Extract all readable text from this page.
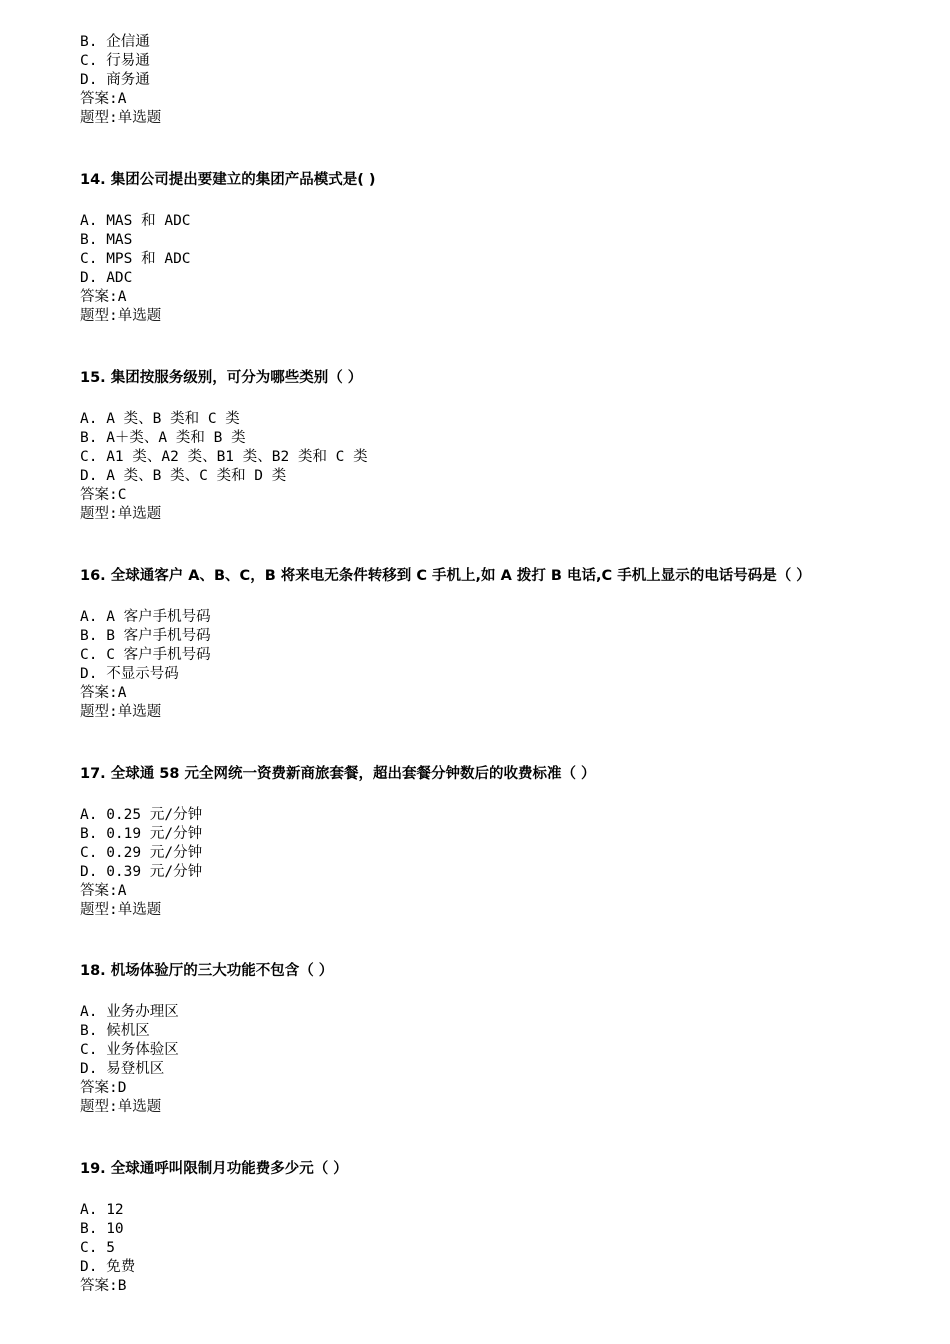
B. 企信通
C. 行易通
D. 商务通
答案:A
题型:单选题
14. 集团公司提出要建立的集团产品模式是( )
A. MAS 和 ADC
B. MAS
C. MPS 和 ADC
D. ADC
答案:A
题型:单选题
15. 集团按服务级别，可分为哪些类别（ ）
A. A 类、B 类和 C 类
B. A＋类、A 类和 B 类
C. A1 类、A2 类、B1 类、B2 类和 C 类
D. A 类、B 类、C 类和 D 类
答案:C
题型:单选题
16. 全球通客户 A、B、C，B 将来电无条件转移到 C 手机上,如 A 拨打 B 电话,C 手机上显示的电话号码是（ ）
A. A 客户手机号码
B. B 客户手机号码
C. C 客户手机号码
D. 不显示号码
答案:A
题型:单选题
17. 全球通 58 元全网统一资费新商旅套餐，超出套餐分钟数后的收费标准（ ）
A. 0.25 元/分钟
B. 0.19 元/分钟
C. 0.29 元/分钟
D. 0.39 元/分钟
答案:A
题型:单选题
18. 机场体验厅的三大功能不包含（ ）
A. 业务办理区
B. 候机区
C. 业务体验区
D. 易登机区
答案:D
题型:单选题
19. 全球通呼叫限制月功能费多少元（ ）
A. 12
B. 10
C. 5
D. 免费
答案:B
